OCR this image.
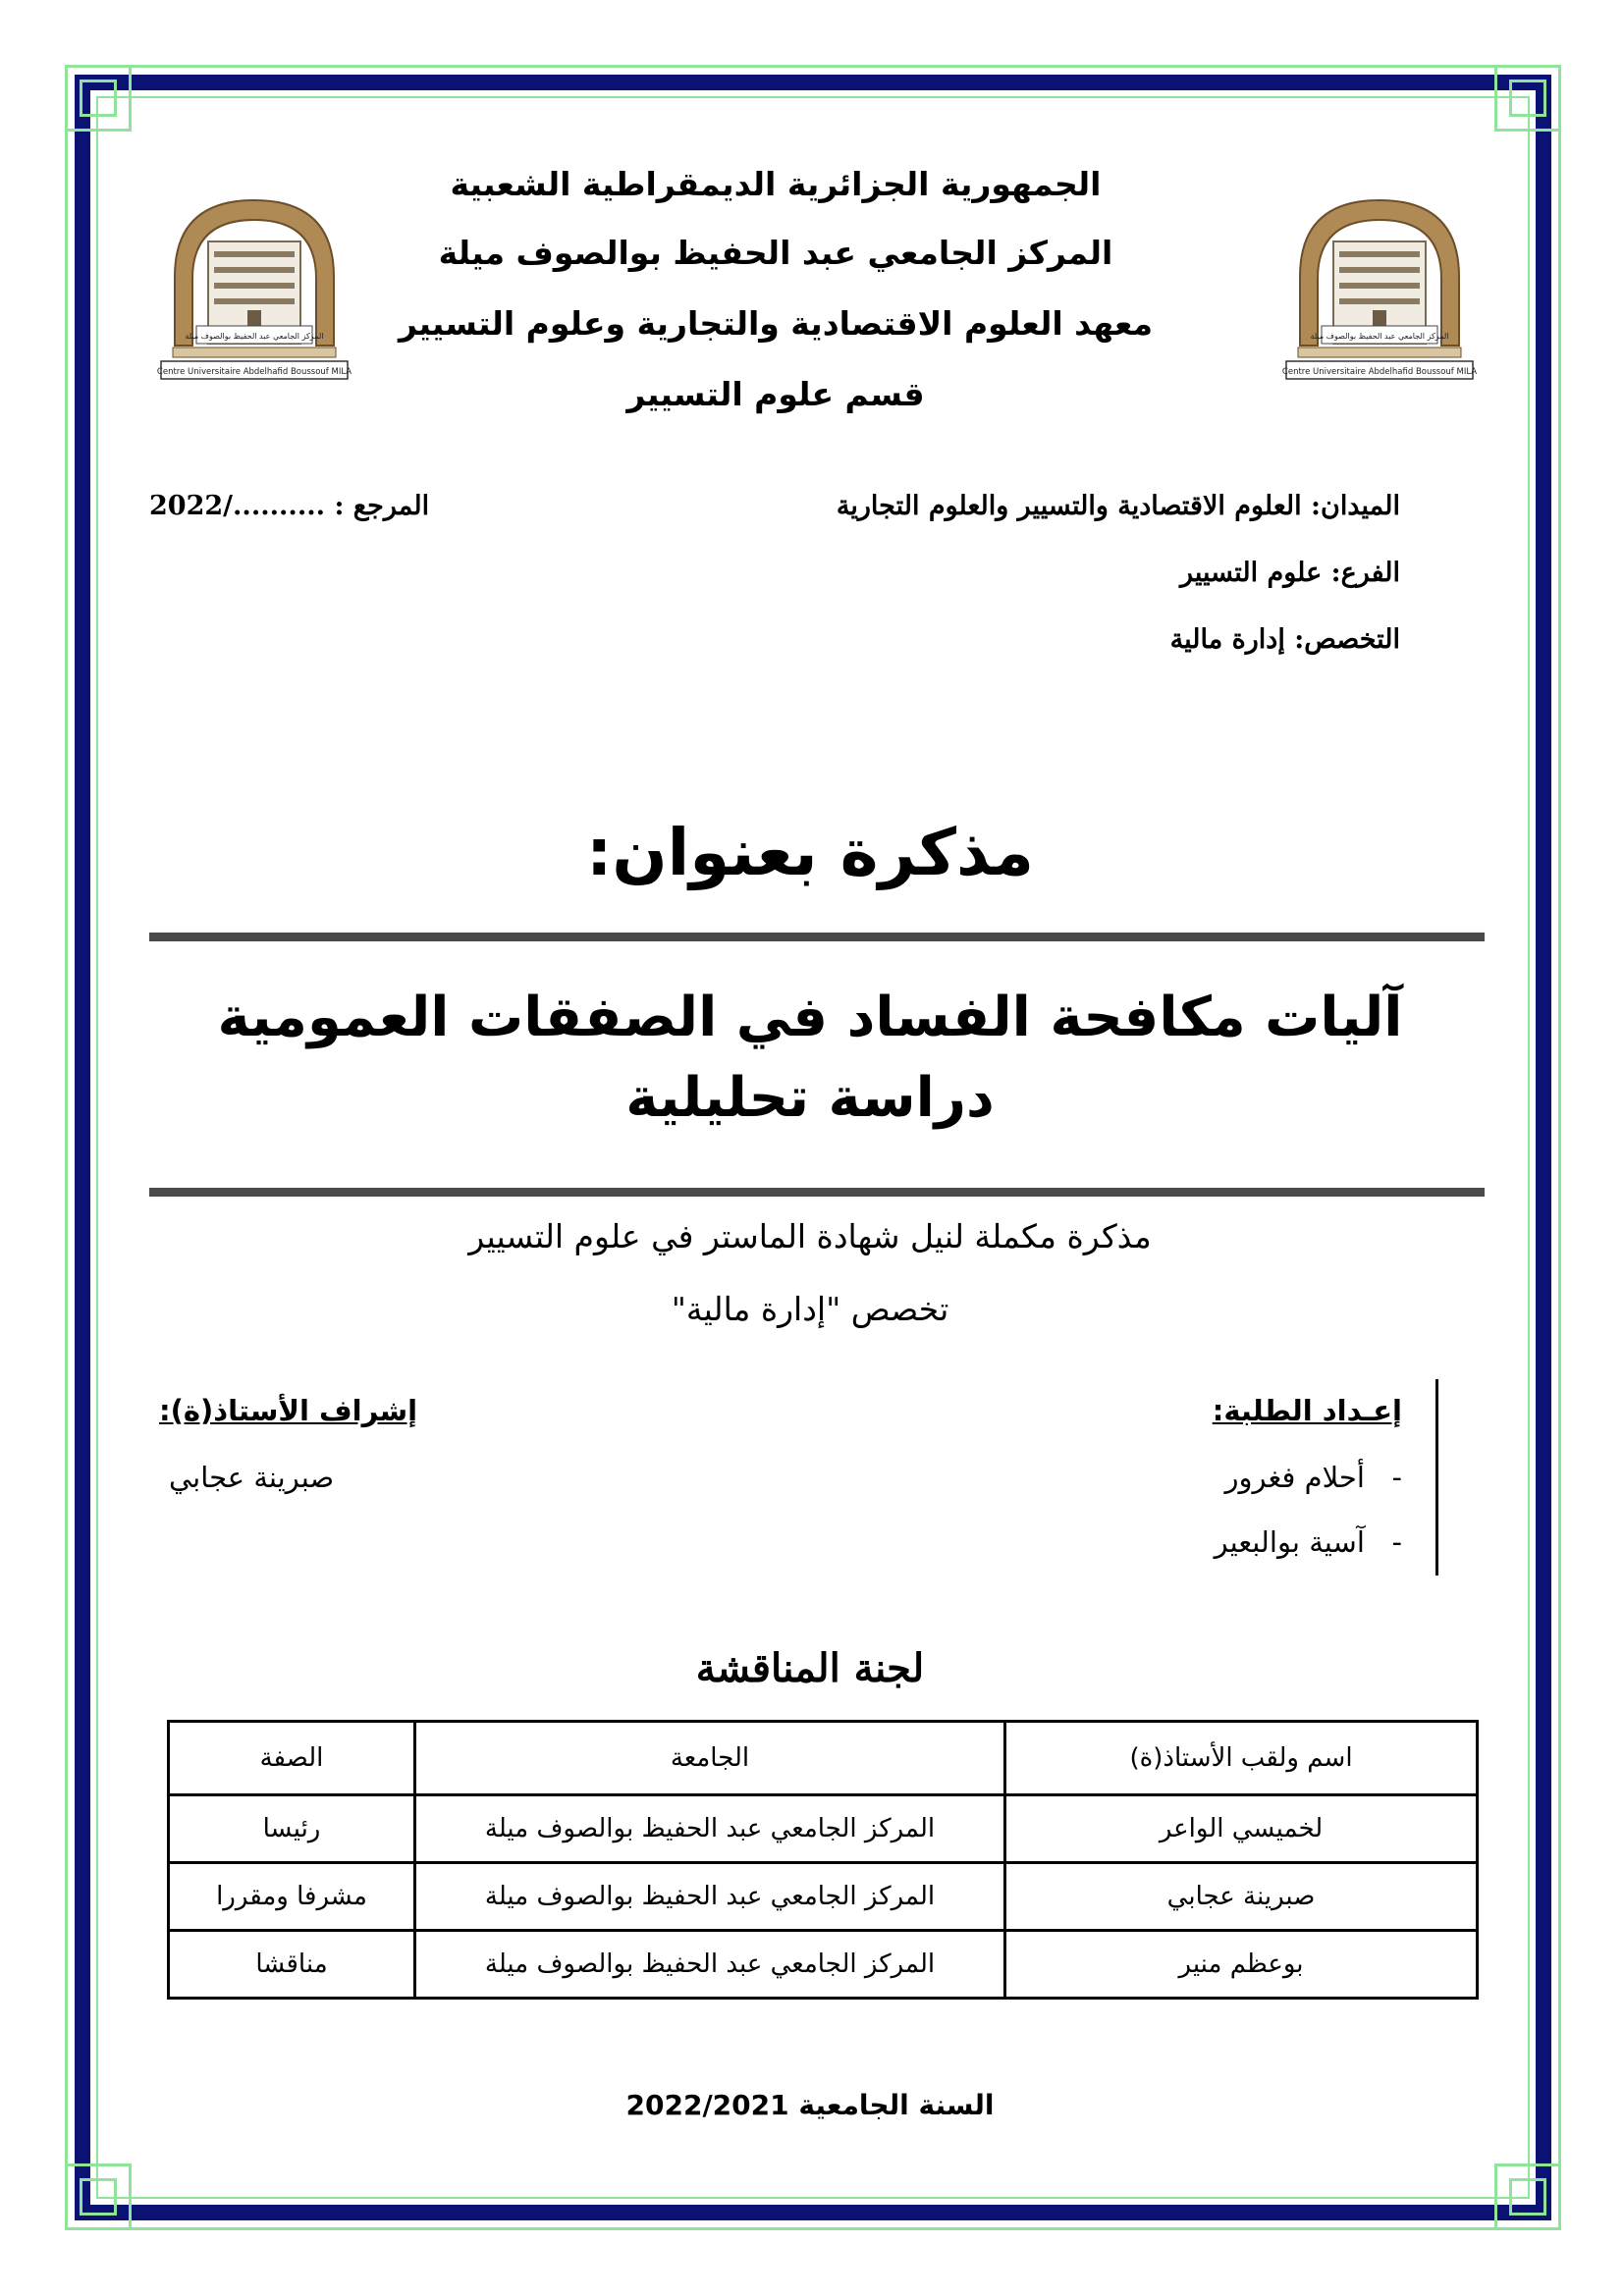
المركز الجامعي عبد الحفيظ بوالصوف ميلة
Centre Universitaire Abdelhafid Boussouf MILA
المركز الجامعي عبد الحفيظ بوالصوف ميلة
Centre Universitaire Abdelhafid Boussouf MILA
الجمهورية الجزائرية الديمقراطية الشعبية
المركز الجامعي عبد الحفيظ بوالصوف ميلة
معهد العلوم الاقتصادية والتجارية وعلوم التسيير
قسم علوم التسيير
الميدان: العلوم الاقتصادية والتسيير والعلوم التجارية
الفرع: علوم التسيير
التخصص: إدارة مالية
المرجع : ........../2022
مذكرة بعنوان:
آليات مكافحة الفساد في الصفقات العمومية
دراسة تحليلية
مذكرة مكملة لنيل شهادة الماستر في علوم التسيير
تخصص "إدارة مالية"
إعـداد الطلبة:
-   أحلام فغرور
-   آسية بوالبعير
إشراف الأستاذ(ة):
صبرينة عجابي
لجنة المناقشة
اسم ولقب الأستاذ(ة)	الجامعة	الصفة
لخميسي الواعر	المركز الجامعي عبد الحفيظ بوالصوف ميلة	رئيسا
صبرينة عجابي	المركز الجامعي عبد الحفيظ بوالصوف ميلة	مشرفا ومقررا
بوعظم منير	المركز الجامعي عبد الحفيظ بوالصوف ميلة	مناقشا
السنة الجامعية 2022/2021
